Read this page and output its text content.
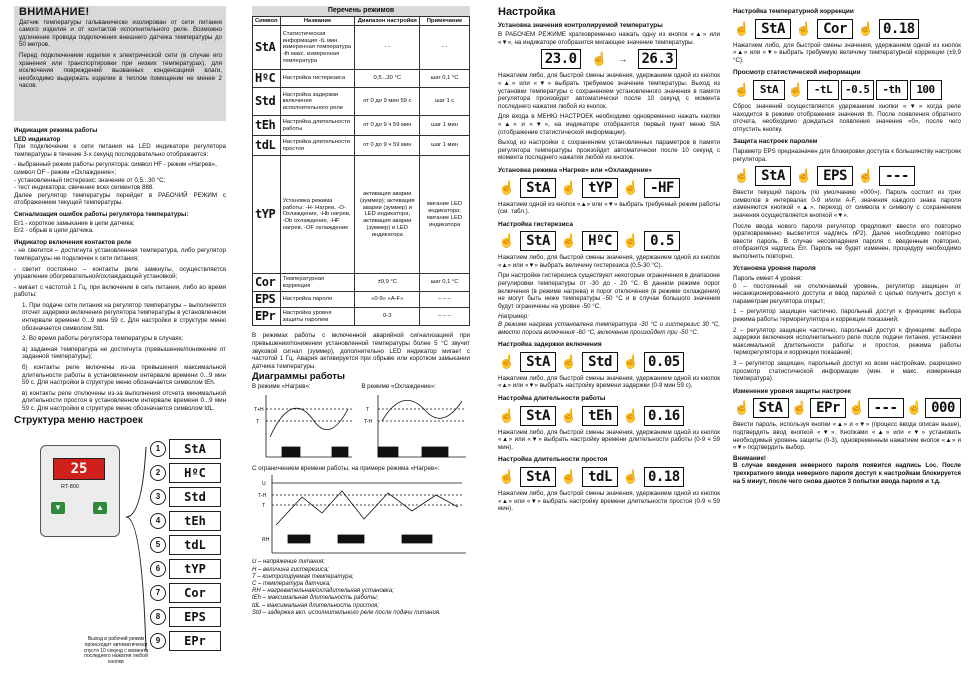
ВНИМАНИЕ!

Датчик температуры гальванически изолирован от сети питания самого изделия и от контактов исполнительного реле. Возможно удлинение провода подключения внешнего датчика температуры до 50 метров.

Перед подключением изделия к электрической сети (в случае его хранения или транспортировки при низких температурах), для исключения повреждений вызванных конденсацией влаги, необходимо выдержать изделие в теплом помещении не менее 2 часов.

Индикация режима работы
LED индикатор

При подключении к сети питания на LED индикаторе регулятора температуры в течение 3-х секунд последовательно отображается:

- выбранный режим работы регулятора: символ HF - режим «Нагрев», символ OF - режим «Охлаждение»;
- установленный гистерезис: значение от 0,5...30 °C;
- тест индикатора: свечение всех сегментов 888.

Далее регулятор температуры перейдет в РАБОЧИЙ РЕЖИМ с отображением текущей температуры.

Сигнализация ошибок работы регулятора температуры:
Er1 - короткое замыкание в цепи датчика;
Er2 - обрыв в цепи датчика.
Индикатор включения контактов реле

- не светится – достигнута установленная температура, либо регулятор температуры не подключен к сети питания;

- светит постоянно – контакты реле замкнуты, осуществляется управление обогревательной/охлаждающей установкой;

- мигает с частотой 1 Гц, при включении в сеть питания, либо во время работы:

1. При подаче сети питания на регулятор температуры – выполняется отсчет задержки включения регулятора температуры в установленном интервале времени 0...9 мин 59 с. Для настройки в структуре меню обозначается символом Std.

2. Во время работы регулятора температуры в случаях:

а) заданная температура не достигнута (превышение/понижение от заданной температуры);

б) контакты реле включены из-за превышения максимальной длительности работы в установленном интервале времени 0...9 мин 59 с. Для настройки в структуре меню обозначается символом tEh.

в) контакты реле отключены из-за выполнения отсчета минимальной длительности простоя в установленном интервале времени 0...9 мин 59 с. Для настройки в структуре меню обозначается символом tdL.

Структура меню настроек
25
RT-800
▼	▲
1	StA
2	HºC
3	Std
4	tEh
5	tdL
6	tYP
7	Cor
8	EPS
9	EPr
Выход в рабочий режим происходит автоматически спустя 10 секунд с момента последнего нажатия любой кнопки
Перечень режимов
Символ	Название	Диапазон настройки	Примечание
StA	Статистическая информация -tL мин. измеренная температура -th макс. измеренная температура	- -	- -
HºC	Настройка гистерезиса	0,5...30 °C	шаг 0,1 °C
Std	Настройка задержки включения исполнительного реле	от 0 до 9 мин 59 с	шаг 1 с
tEh	Настройка длительности работы	от 0 до 9 ч 59 мин	шаг 1 мин
tdL	Настройка длительности простоя	от 0 до 9 ч 59 мин	шаг 1 мин
tYP	Установка режима работы: -H- Нагрев, -O- Охлаждение, -Hb нагрев, -Ob охлаждение, -HF нагрев, -OF охлаждение	активация аварии (зуммер); активация аварии (зуммер) и LED индикатора; активация аварии (зуммер) и LED индикатора	мигание LED индикатора; мигание LED индикатора
Cor	Температурная коррекция	±9,9 °C	шаг 0,1 °C
EPS	Настройка пароля	«0-9» «A-F»	– – –
EPr	Настройка уровня защиты паролем	0-3	– – –

В режимах работы с включенной аварийной сигнализацией при превышении/понижении установленной температуры более 5 °C звучит звуковой сигнал (зуммер), дополнительно LED индикатор мигает с частотой 1 Гц. Авария активируется при обрыве или коротком замыкании датчика температуры.

Диаграммы работы
В режиме «Нагрев»:	В режиме «Охлаждение»:
T+H
T
T
T-H
С ограничением времени работы, на примере режима «Нагрев»:
U
T-H
T
RH

U – напряжение питания;

H – величина гистерезиса;

T – контролируемая температура;

C – температура датчика;

RH – нагревательная/охладительная установка;

tEh – максимальная длительность работы;

tdL – максимальная длительность простоя;

Std – задержка вкл. исполнительного реле после подачи питания.

Настройка
Установка значения контролируемой температуры

В РАБОЧЕМ РЕЖИМЕ кратковременно нажать одну из кнопок «▲» или «▼», на индикаторе отобразится мигающее значение температуры.

23.0	☝ → 26.3

Нажатием либо, для быстрой смены значения, удержанием одной из кнопок «▲» или «▼» выбрать требуемое значение температуры. Выход из установки температуры с сохранением установленного значения в памяти регулятора произойдет автоматически после 10 секунд с момента последнего нажатия любой из кнопок.

Для входа в МЕНЮ НАСТРОЕК необходимо одновременно нажать кнопки «▲» и «▼», на индикаторе отобразится первый пункт меню StA (отображение статистической информации).

Выход из настройки с сохранением установленных параметров в памяти регулятора температуры произойдет автоматически после 10 секунд с момента последнего нажатия любой из кнопок.

Установка режима «Нагрев» или «Охлаждение»
☝ StA ☝ tYP ☝ -HF

Нажатием одной из кнопок «▲» или «▼» выбрать требуемый режим работы (см. табл.).

Настройка гистерезиса
☝ StA ☝ HºC ☝ 0.5

Нажатием либо, для быстрой смены значения, удержанием одной из кнопок «▲» или «▼» выбрать величину гистерезиса (0,5-30 °C).

При настройке гистерезиса существуют некоторые ограничения в диапазоне регулировки температуры от -30 до - 20 °C. В данном режиме порог включения (в режиме нагрева) и порог отключения (в режиме охлаждения) не могут быть ниже температуры -50 °C и в случае большого значения будут ограничены на уровне -50 °C.

Например:

В режиме нагрева установлена температура -30 °C и гистерезис 30 °C, вместо порога включения -60 °C, включение произойдет при -50 °C.

Настройка задержки включения
☝ StA ☝ Std ☝ 0.05

Нажатием либо, для быстрой смены значения, удержанием одной из кнопок «▲» или «▼» выбрать настройку времени задержки (0-9 мин 59 с).

Настройка длительности работы
☝ StA ☝ tEh ☝ 0.16

Нажатием либо, для быстрой смены значения, удержанием одной из кнопок «▲» или «▼» выбрать настройку времени длительности работы (0-9 ч 59 мин).

Настройка длительности простоя
☝ StA ☝ tdL ☝ 0.18

Нажатием либо, для быстрой смены значения, удержанием одной из кнопок «▲» или «▼» выбрать настройку времени длительности простоя (0-9 ч 59 мин).

Настройка температурной коррекции
☝ StA ☝ Cor ☝ 0.18

Нажатием либо, для быстрой смены значения, удержанием одной из кнопок «▲» или «▼» выбрать требуемую величину температурной коррекции (±9,9 °C).

Просмотр статистической информации
☝ StA ☝ -tL	-0.5	-th	100

Сброс значений осуществляется удержанием кнопки «▼» когда реле находится в режиме отображения значения th. После появления обратного отсчета, необходимо дождаться появления значения «0», после чего отпустить кнопку.

Защита настроек паролем

Параметр EPS предназначен для блокировки доступа к большинству настроек регулятора.

☝ StA ☝ EPS ☝ ---

Ввести текущий пароль (по умолчанию «000»). Пароль состоит из трех символов в интервалах 0-9 и/или A-F, значения каждого знака пароля изменяются кнопкой «▲», переход от символа к символу с сохранением значения осуществляется кнопкой «▼».

После ввода нового пароля регулятор предложит ввести его повторно (кратковременно высветится надпись nP2). Далее необходимо повторно ввести пароль. В случае несовпадения пароля с введенным повторно, отобразится надпись Err. Пароль не будет изменен, процедуру необходимо выполнить повторно.

Установка уровня пароля
Пароль имеет 4 уровня:

0 – постоянный не отключаемый уровень, регулятор защищен от несанкционированного доступа и ввод паролей с целью получить доступ к параметрам регулятора открыт;

1 – регулятор защищен частично, парольный доступ к функциям: выбора режима работы терморегулятора и коррекции показаний;

2 – регулятор защищен частично, парольный доступ к функциям: выбора задержки включения исполнительного реле после подачи питания, установки максимальной длительности работы и простоя, режима работы терморегулятора и коррекции показаний;

3 – регулятор защищен, парольный доступ ко всем настройкам, разрешено просмотр статистической информации (мин. и макс. измеренная температура).

Изменение уровня защиты настроек
☝ StA ☝ EPr ☝ --- ☝ 000

Ввести пароль, используя кнопки «▲» и «▼» (процесс ввода описан выше), подтвердить ввод кнопкой «▼». Кнопками «▲» или «▼» установить необходимый уровень защиты (0-3), одновременным нажатием кнопок «▲» и «▼» подтвердить выбор.

Внимание!

В случае введения неверного пароля появится надпись Loc. После трехкратного ввода неверного пароля доступ к настройкам блокируется на 5 минут, после чего снова даются 3 попытки ввода пароля и т.д.
